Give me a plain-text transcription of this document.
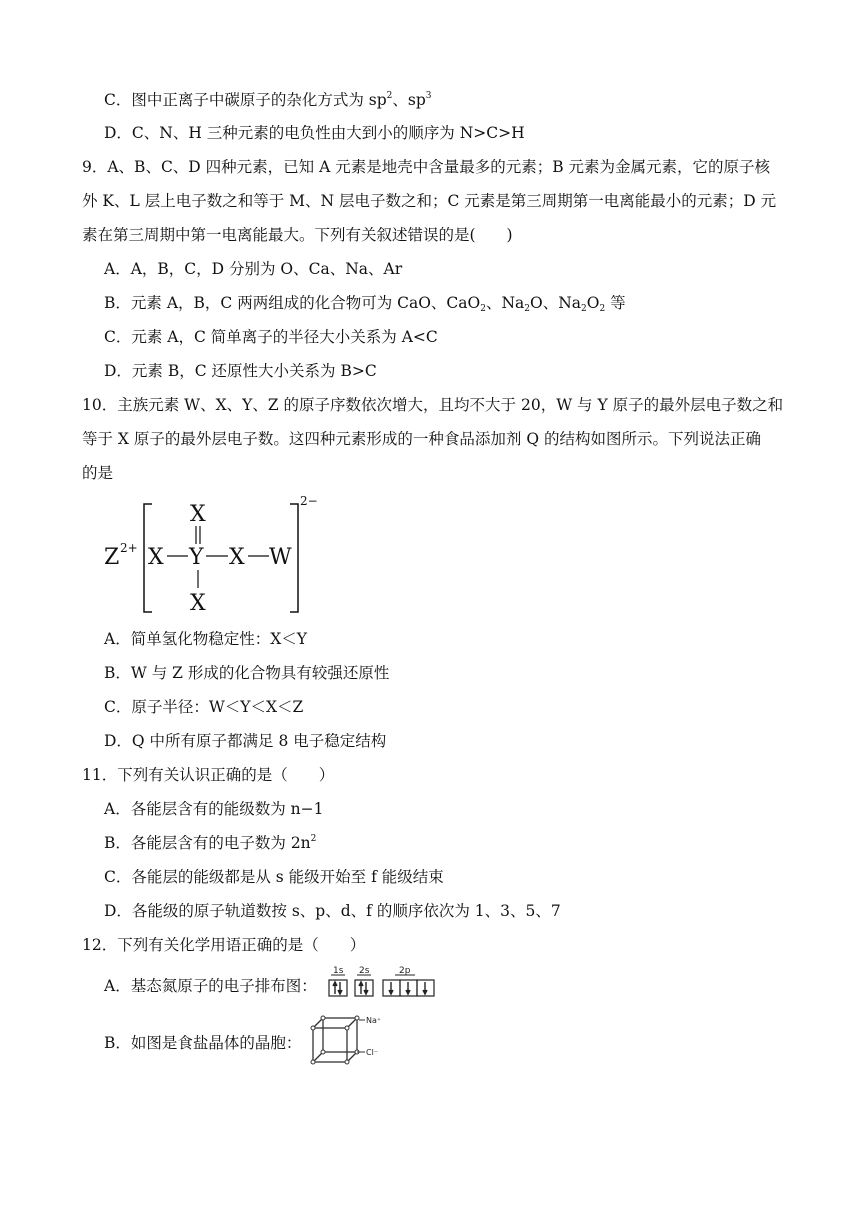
C．图中正离子中碳原子的杂化方式为 $sp^2$、$sp^3$
D．C、N、H 三种元素的电负性由大到小的顺序为 N>C>H
9．A、B、C、D 四种元素，已知 A 元素是地壳中含量最多的元素；B 元素为金属元素，它的原子核
外 K、L 层上电子数之和等于 M、N 层电子数之和；C 元素是第三周期第一电离能最小的元素；D 元
素在第三周期中第一电离能最大。下列有关叙述错误的是(　　)
A．A，B，C，D 分别为 O、Ca、Na、Ar
B．元素 A，B，C 两两组成的化合物可为 CaO、CaO$_2$、$Na_2O$、$Na_2O_2$ 等
C．元素 A，C 简单离子的半径大小关系为 A<C
D．元素 B，C 还原性大小关系为 B>C
10．主族元素 W、X、Y、Z 的原子序数依次增大，且均不大于 20，W 与 Y 原子的最外层电子数之和
等于 X 原子的最外层电子数。这四种元素形成的一种食品添加剂 Q 的结构如图所示。下列说法正确
的是
Z 2+
2−
X
X Y X W
X
A．简单氢化物稳定性：X＜Y
B．W 与 Z 形成的化合物具有较强还原性
C．原子半径：W＜Y＜X＜Z
D．Q 中所有原子都满足 8 电子稳定结构
11．下列有关认识正确的是（　　）
A．各能层含有的能级数为 n−1
B．各能层含有的电子数为 $2n^2$
C．各能层的能级都是从 s 能级开始至 f 能级结束
D．各能级的原子轨道数按 s、p、d、f 的顺序依次为 1、3、5、7
12．下列有关化学用语正确的是（　　）
A．基态氮原子的电子排布图：
1s 2s	2p
B．如图是食盐晶体的晶胞：
Na⁺
Cl⁻
